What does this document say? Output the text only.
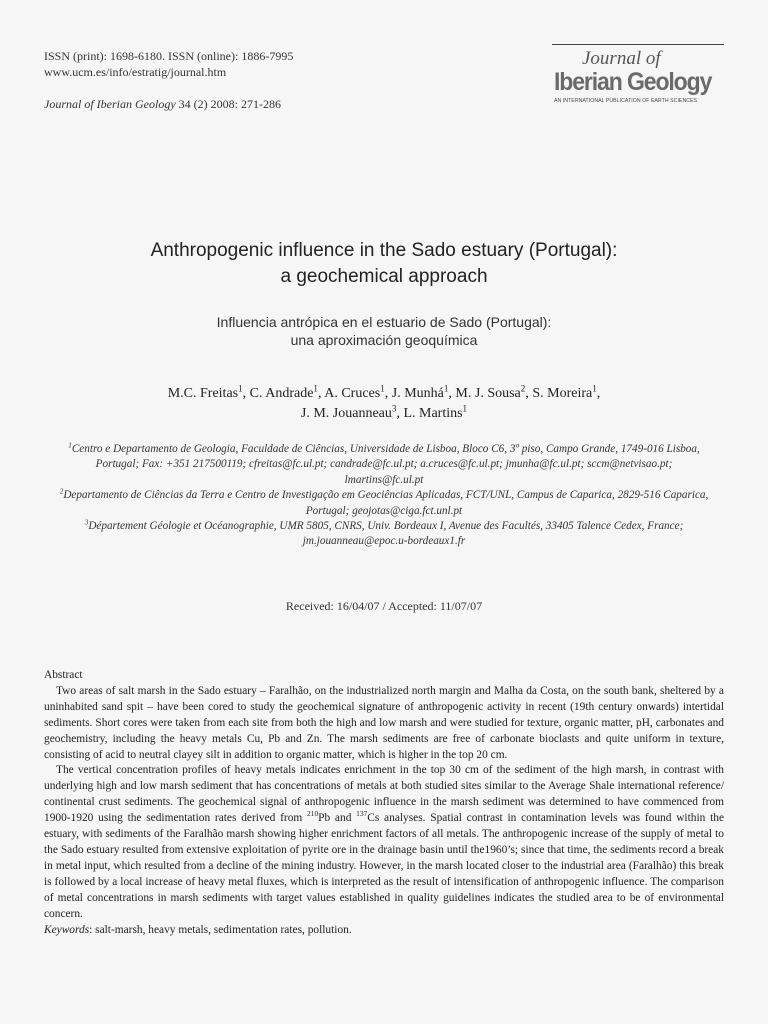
ISSN (print): 1698-6180. ISSN (online): 1886-7995
www.ucm.es/info/estratig/journal.htm
Journal of Iberian Geology 34 (2) 2008: 271-286
Journal of
Iberian Geology
AN INTERNATIONAL PUBLICATION OF EARTH SCIENCES
Anthropogenic influence in the Sado estuary (Portugal):
a geochemical approach
Influencia antrópica en el estuario de Sado (Portugal):
una aproximación geoquímica
M.C. Freitas$^1$, C. Andrade$^1$, A. Cruces$^1$, J. Munhá$^1$, M. J. Sousa$^2$, S. Moreira$^1$,
J. M. Jouanneau$^3$, L. Martins$^1$

$^1$Centro e Departamento de Geologia, Faculdade de Ciências, Universidade de Lisboa, Bloco C6, 3º piso, Campo Grande, 1749-016 Lisboa, Portugal; Fax: +351 217500119; cfreitas@fc.ul.pt; candrade@fc.ul.pt; a.cruces@fc.ul.pt; jmunha@fc.ul.pt; sccm@netvisao.pt; lmartins@fc.ul.pt

$^2$Departamento de Ciências da Terra e Centro de Investigação em Geociências Aplicadas, FCT/UNL, Campus de Caparica, 2829-516 Caparica, Portugal; geojotas@ciga.fct.unl.pt

$^3$Département Géologie et Océanographie, UMR 5805, CNRS, Univ. Bordeaux I, Avenue des Facultés, 33405 Talence Cedex, France; jm.jouanneau@epoc.u-bordeaux1.fr

Received: 16/04/07 / Accepted: 11/07/07

Abstract

Two areas of salt marsh in the Sado estuary – Faralhão, on the industrialized north margin and Malha da Costa, on the south bank, sheltered by a uninhabited sand spit – have been cored to study the geochemical signature of anthropogenic activity in recent (19th century onwards) intertidal sediments. Short cores were taken from each site from both the high and low marsh and were studied for texture, organic matter, pH, carbonates and geochemistry, including the heavy metals Cu, Pb and Zn. The marsh sediments are free of carbonate bioclasts and quite uniform in texture, consisting of acid to neutral clayey silt in addition to organic matter, which is higher in the top 20 cm.

The vertical concentration profiles of heavy metals indicates enrichment in the top 30 cm of the sediment of the high marsh, in contrast with underlying high and low marsh sediment that has concentrations of metals at both studied sites similar to the Average Shale international reference/ continental crust sediments. The geochemical signal of anthropogenic influence in the marsh sediment was determined to have commenced from 1900-1920 using the sedimentation rates derived from $^{210}$Pb and $^{137}$Cs analyses. Spatial contrast in contamination levels was found within the estuary, with sediments of the Faralhão marsh showing higher enrichment factors of all metals. The anthropogenic increase of the supply of metal to the Sado estuary resulted from extensive exploitation of pyrite ore in the drainage basin until the1960’s; since that time, the sediments record a break in metal input, which resulted from a decline of the mining industry. However, in the marsh located closer to the industrial area (Faralhão) this break is followed by a local increase of heavy metal fluxes, which is interpreted as the result of intensification of anthropogenic influence. The comparison of metal concentrations in marsh sediments with target values established in quality guidelines indicates the studied area to be of environmental concern.

Keywords: salt-marsh, heavy metals, sedimentation rates, pollution.
